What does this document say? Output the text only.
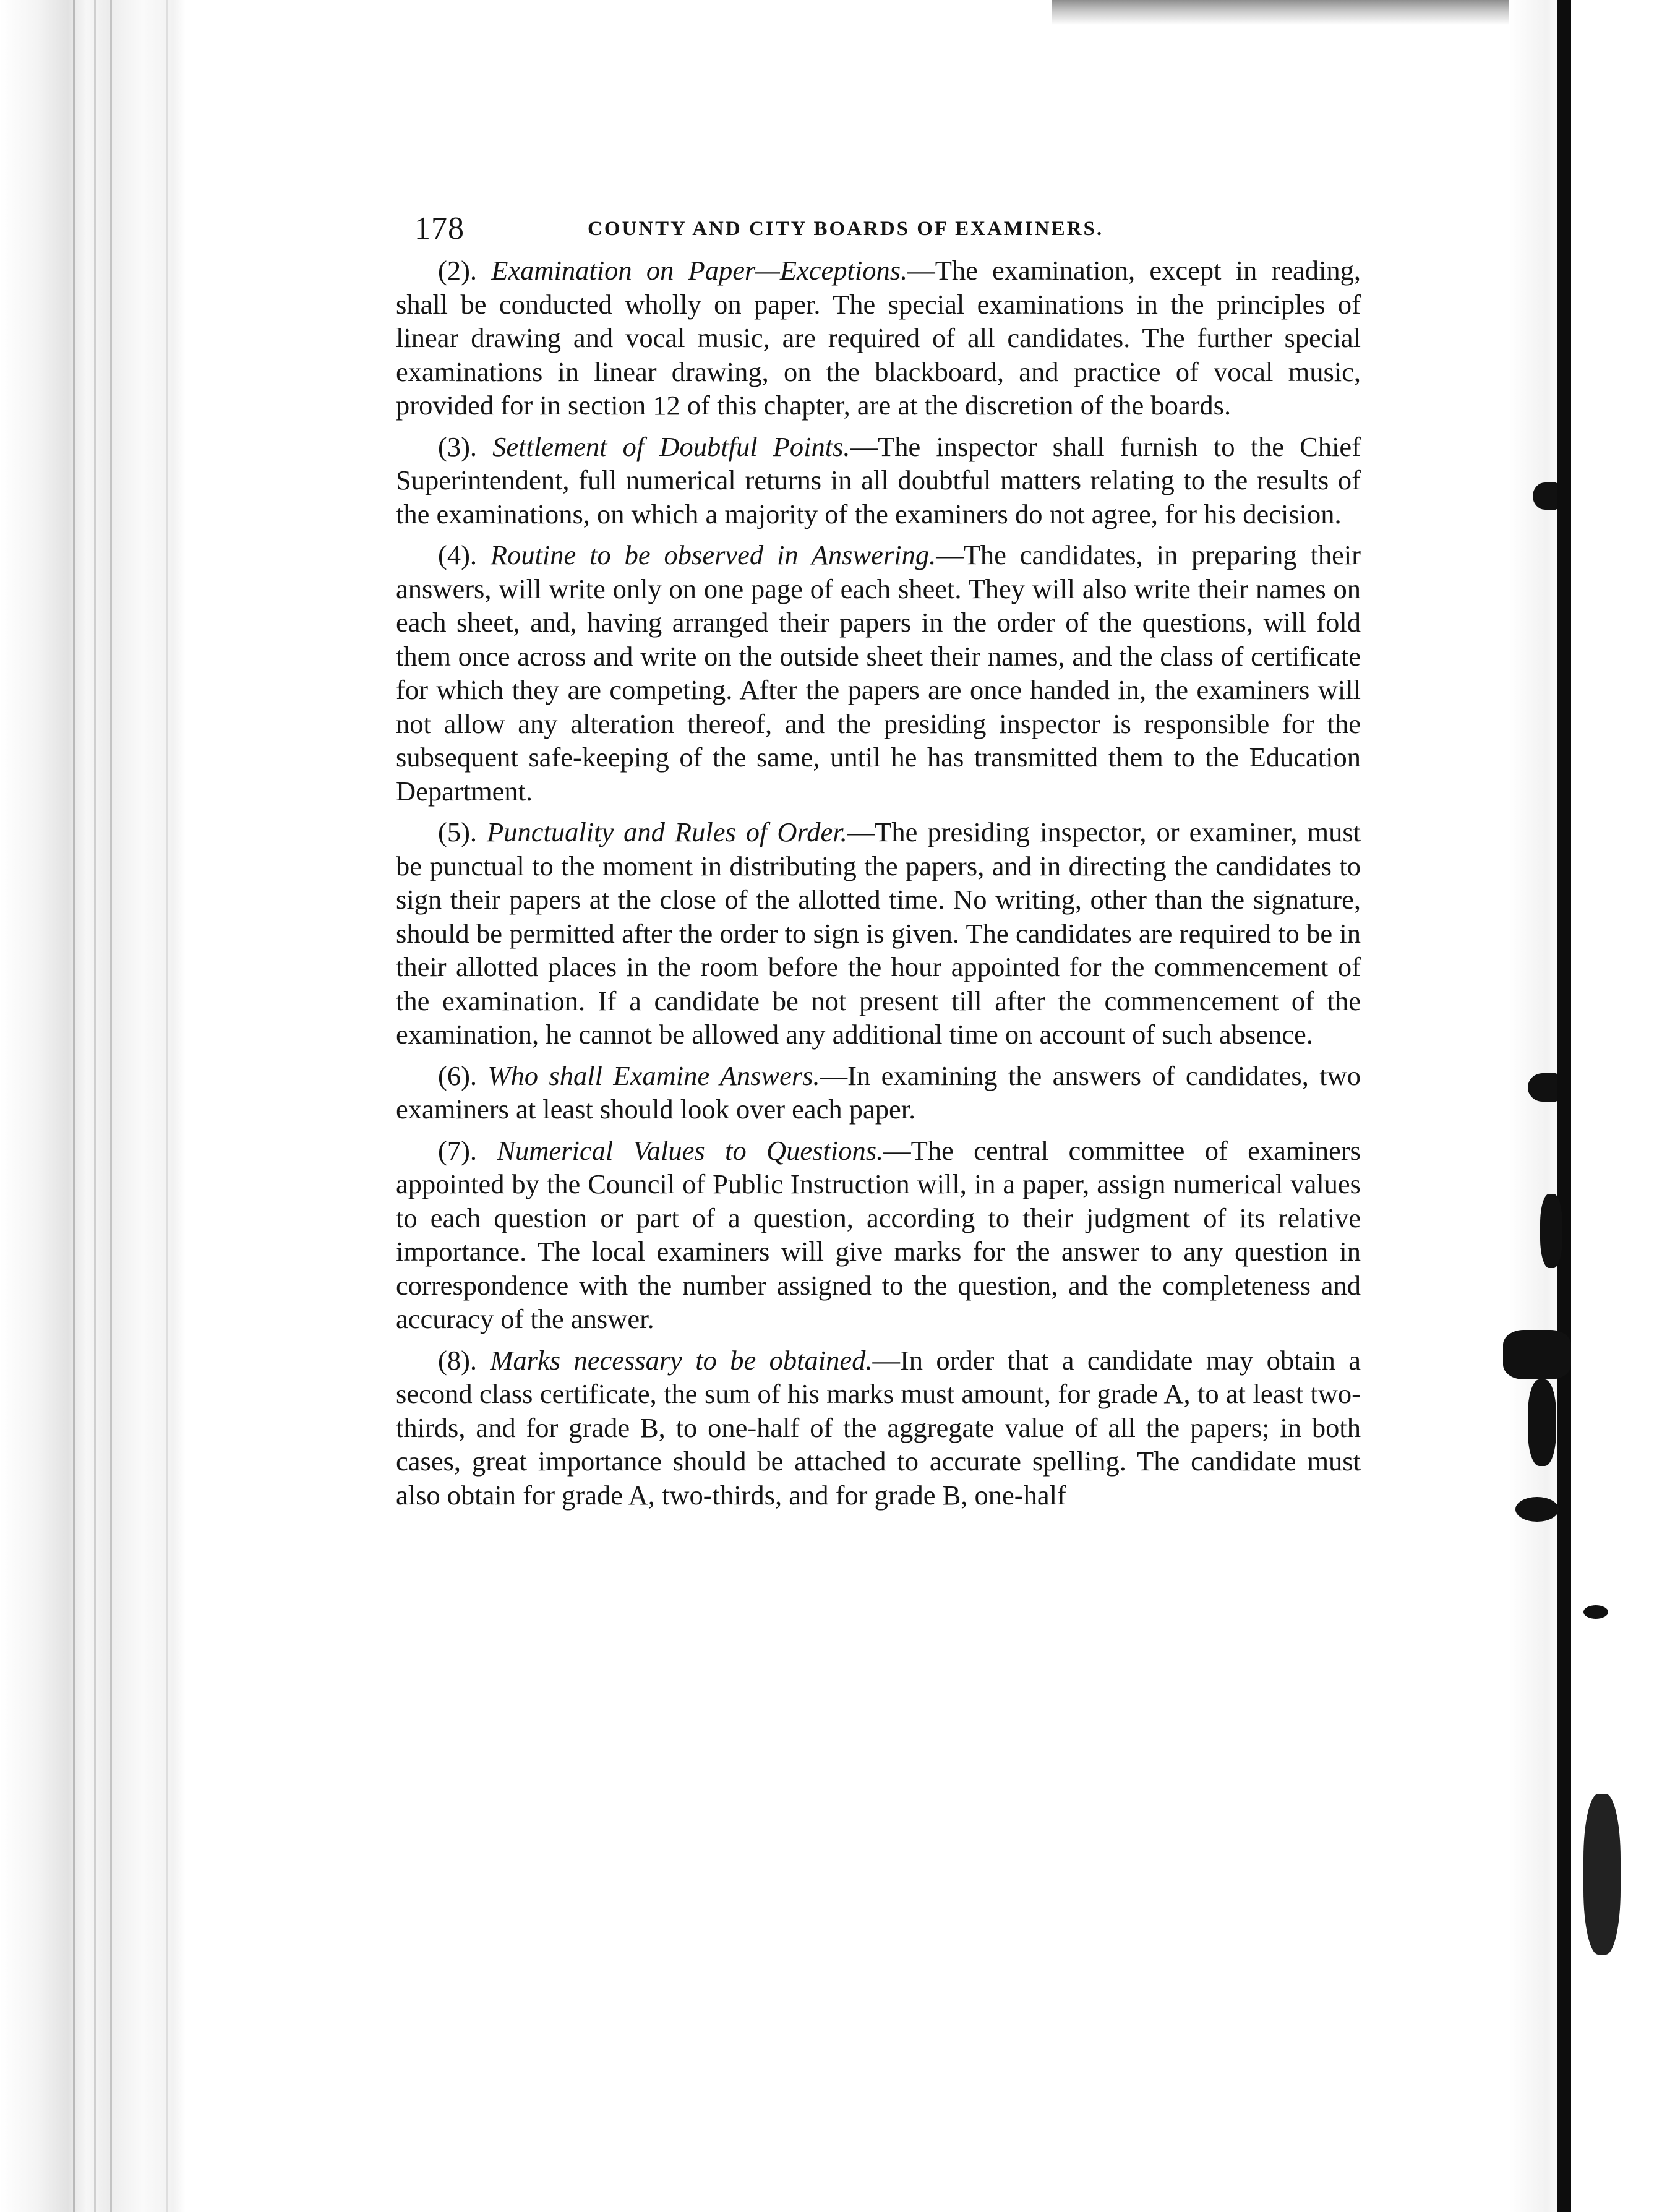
178	COUNTY AND CITY BOARDS OF EXAMINERS.

(2). Examination on Paper—Exceptions.—The examination, except in reading, shall be conducted wholly on paper. The special examinations in the principles of linear drawing and vocal music, are required of all candidates. The further special examinations in linear drawing, on the blackboard, and practice of vocal music, provided for in section 12 of this chapter, are at the discretion of the boards.

(3). Settlement of Doubtful Points.—The inspector shall furnish to the Chief Superintendent, full numerical returns in all doubtful matters relating to the results of the examinations, on which a majority of the examiners do not agree, for his decision.

(4). Routine to be observed in Answering.—The candidates, in preparing their answers, will write only on one page of each sheet. They will also write their names on each sheet, and, having arranged their papers in the order of the questions, will fold them once across and write on the outside sheet their names, and the class of certificate for which they are competing. After the papers are once handed in, the examiners will not allow any alteration thereof, and the presiding inspector is responsible for the subsequent safe-keeping of the same, until he has transmitted them to the Education Department.

(5). Punctuality and Rules of Order.—The presiding inspector, or examiner, must be punctual to the moment in distributing the papers, and in directing the candidates to sign their papers at the close of the allotted time. No writing, other than the signature, should be permitted after the order to sign is given. The candidates are required to be in their allotted places in the room before the hour appointed for the commencement of the examination. If a candidate be not present till after the commencement of the examination, he cannot be allowed any additional time on account of such absence.

(6). Who shall Examine Answers.—In examining the answers of candidates, two examiners at least should look over each paper.

(7). Numerical Values to Questions.—The central committee of examiners appointed by the Council of Public Instruction will, in a paper, assign numerical values to each question or part of a question, according to their judgment of its relative importance. The local examiners will give marks for the answer to any question in correspondence with the number assigned to the question, and the completeness and accuracy of the answer.

(8). Marks necessary to be obtained.—In order that a candidate may obtain a second class certificate, the sum of his marks must amount, for grade A, to at least two-thirds, and for grade B, to one-half of the aggregate value of all the papers; in both cases, great importance should be attached to accurate spelling. The candidate must also obtain for grade A, two-thirds, and for grade B, one-half
